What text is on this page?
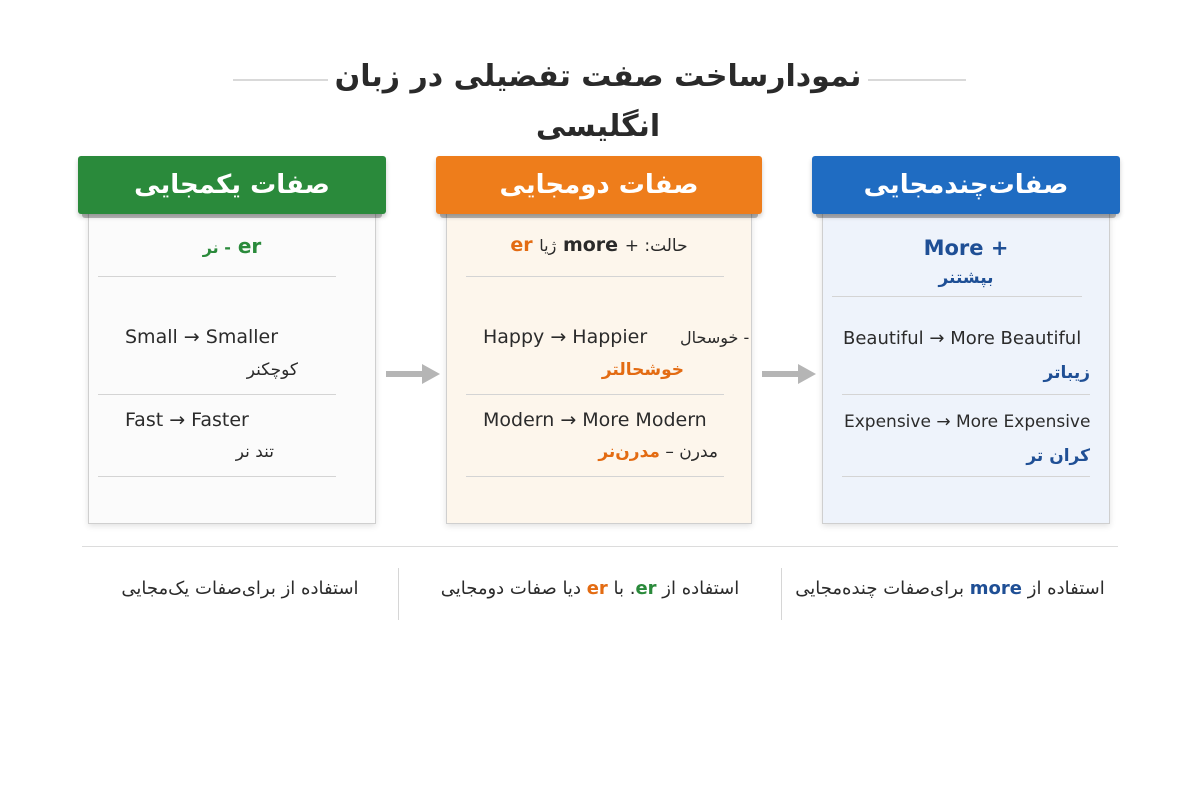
نمودارساخت صفت تفضیلی در زبان انگلیسی
صفات یکمجایی
er - نر
Small → Smaller
کوچکنر
Fast → Faster
تند نر
صفات دومجایی
حالت: + more ژیا er
Happy → Happier - خوسحال
خوشحالتر
Modern → More Modern
مدرن – مدرن‌نر
صفات‌چندمجایی
More +
بپشتنر
Beautiful → More Beautiful
زیباتر
Expensive → More Expensive
کران تر
استفاده از برای‌صفات یک‌مجایی	استفاده از er. با er دیا صفات دومجایی	استفاده از more برای‌صفات چنده‌مجایی
